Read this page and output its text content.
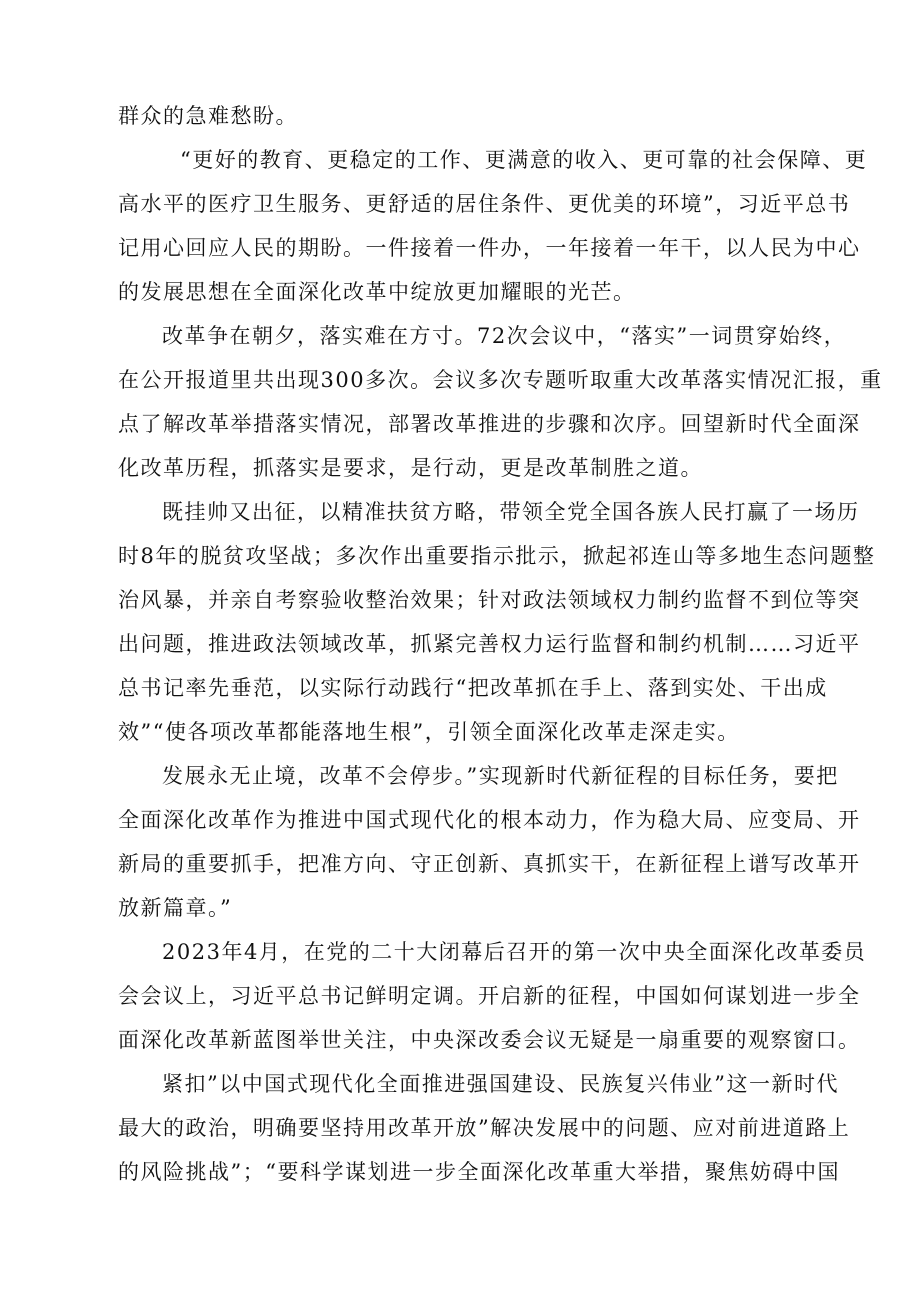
群众的急难愁盼。
“更好的教育、更稳定的工作、更满意的收入、更可靠的社会保障、更
高水平的医疗卫生服务、更舒适的居住条件、更优美的环境”，习近平总书
记用心回应人民的期盼。一件接着一件办，一年接着一年干，以人民为中心
的发展思想在全面深化改革中绽放更加耀眼的光芒。
改革争在朝夕，落实难在方寸。72次会议中，“落实”一词贯穿始终，
在公开报道里共出现300多次。会议多次专题听取重大改革落实情况汇报，重
点了解改革举措落实情况，部署改革推进的步骤和次序。回望新时代全面深
化改革历程，抓落实是要求，是行动，更是改革制胜之道。
既挂帅又出征，以精准扶贫方略，带领全党全国各族人民打赢了一场历
时8年的脱贫攻坚战；多次作出重要指示批示，掀起祁连山等多地生态问题整
治风暴，并亲自考察验收整治效果；针对政法领域权力制约监督不到位等突
出问题，推进政法领域改革，抓紧完善权力运行监督和制约机制……习近平
总书记率先垂范，以实际行动践行“把改革抓在手上、落到实处、干出成
效”“使各项改革都能落地生根”，引领全面深化改革走深走实。
发展永无止境，改革不会停步。”实现新时代新征程的目标任务，要把
全面深化改革作为推进中国式现代化的根本动力，作为稳大局、应变局、开
新局的重要抓手，把准方向、守正创新、真抓实干，在新征程上谱写改革开
放新篇章。”
2023年4月，在党的二十大闭幕后召开的第一次中央全面深化改革委员
会会议上，习近平总书记鲜明定调。开启新的征程，中国如何谋划进一步全
面深化改革新蓝图举世关注，中央深改委会议无疑是一扇重要的观察窗口。
紧扣”以中国式现代化全面推进强国建设、民族复兴伟业”这一新时代
最大的政治，明确要坚持用改革开放”解决发展中的问题、应对前进道路上
的风险挑战”；“要科学谋划进一步全面深化改革重大举措，聚焦妨碍中国
